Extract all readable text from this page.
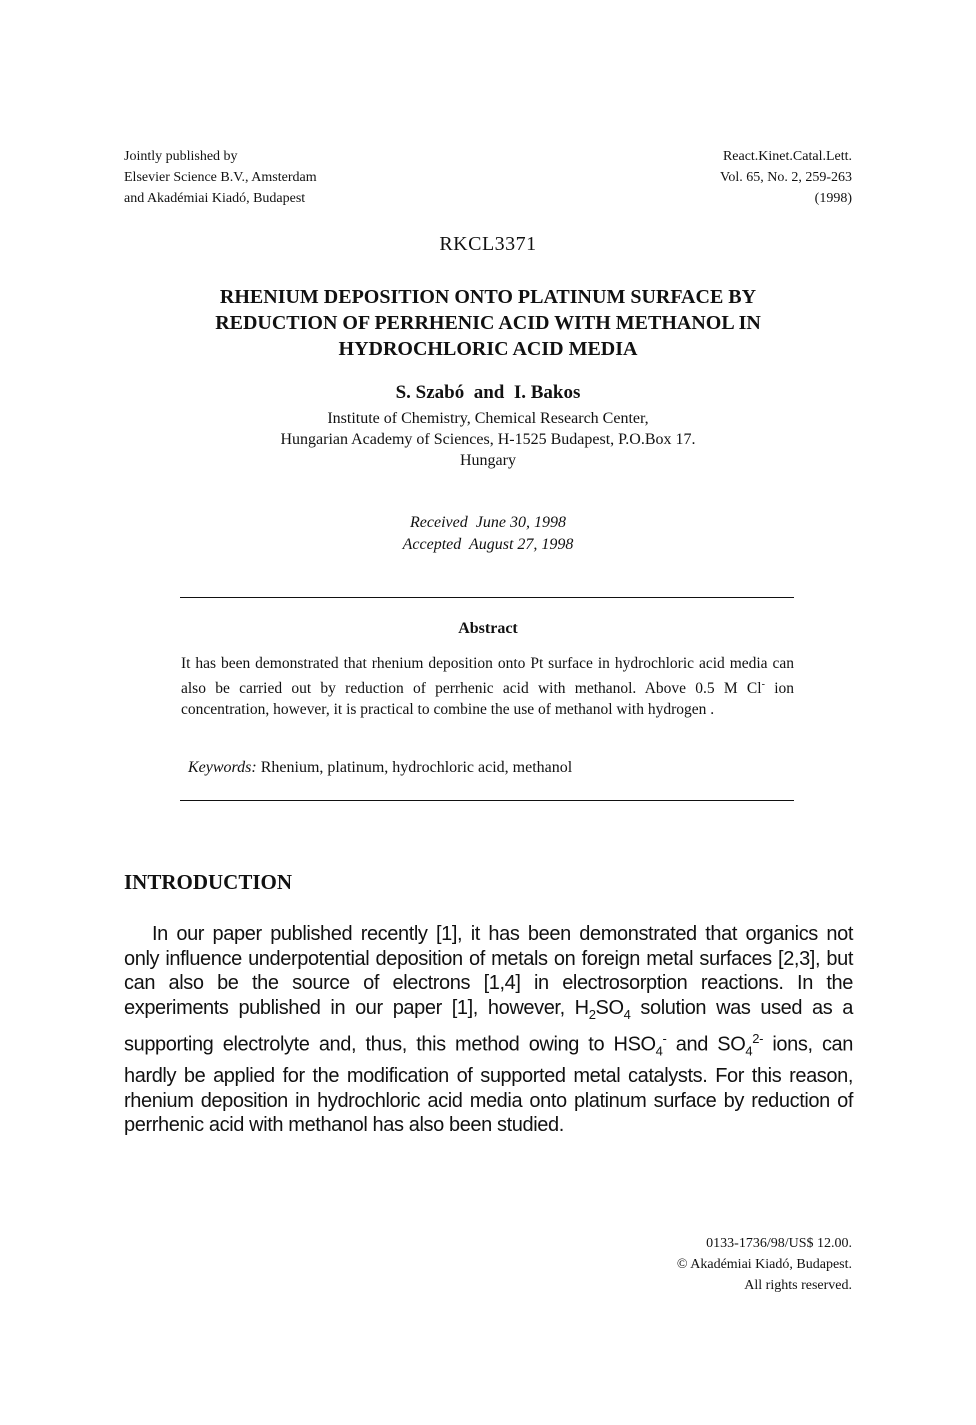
Jointly published by
Elsevier Science B.V., Amsterdam
and Akadémiai Kiadó, Budapest
React.Kinet.Catal.Lett.
Vol. 65, No. 2, 259-263
(1998)
RKCL3371
RHENIUM DEPOSITION ONTO PLATINUM SURFACE BY
REDUCTION OF PERRHENIC ACID WITH METHANOL IN
HYDROCHLORIC ACID MEDIA
S. Szabó  and  I. Bakos
Institute of Chemistry, Chemical Research Center,
Hungarian Academy of Sciences, H-1525 Budapest, P.O.Box 17.
Hungary
Received  June 30, 1998
Accepted  August 27, 1998
Abstract
It has been demonstrated that rhenium deposition onto Pt surface in hydrochloric acid media can also be carried out by reduction of perrhenic acid with methanol. Above 0.5 M Cl- ion concentration, however, it is practical to combine the use of methanol with hydrogen .
Keywords: Rhenium, platinum, hydrochloric acid, methanol
INTRODUCTION

In our paper published recently [1], it has been demonstrated that organics not only influence underpotential deposition of metals on foreign metal surfaces [2,3], but can also be the source of electrons [1,4] in electrosorption reactions. In the experiments published in our paper [1], however, $H_2SO_4$ solution was used as a supporting electrolyte and, thus, this method owing to $HSO_4^-$ and $SO_4^{2-}$ ions, can hardly be applied for the modification of supported metal catalysts. For this reason, rhenium deposition in hydrochloric acid media onto platinum surface by reduction of perrhenic acid with methanol has also been studied.

0133-1736/98/US$ 12.00.
© Akadémiai Kiadó, Budapest.
All rights reserved.
